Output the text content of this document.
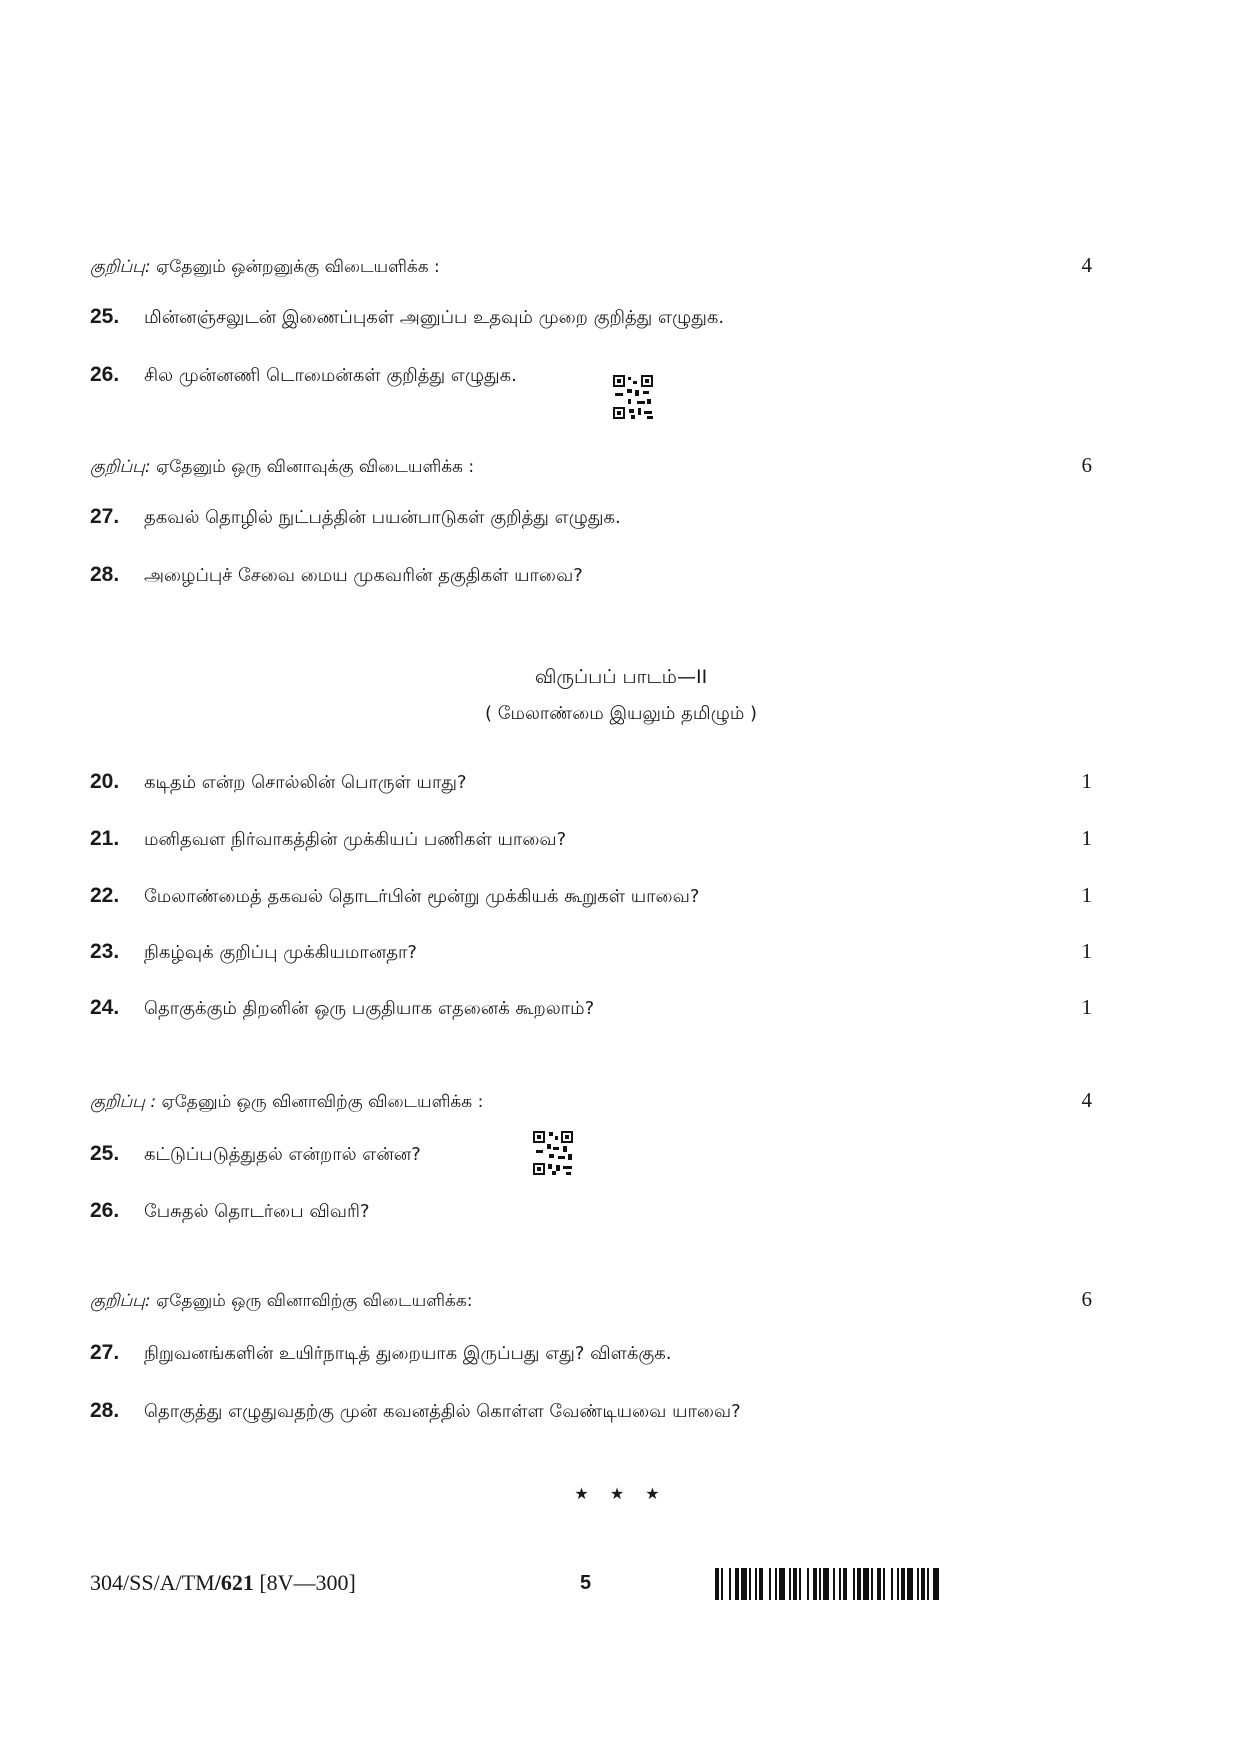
குறிப்பு: ஏதேனும் ஒன்றனுக்கு விடையளிக்க :	4
25.	மின்னஞ்சலுடன் இணைப்புகள் அனுப்ப உதவும் முறை குறித்து எழுதுக.
26.	சில முன்னணி டொமைன்கள் குறித்து எழுதுக.
குறிப்பு: ஏதேனும் ஒரு வினாவுக்கு விடையளிக்க :	6
27.	தகவல் தொழில் நுட்பத்தின் பயன்பாடுகள் குறித்து எழுதுக.
28.	அழைப்புச் சேவை மைய முகவரின் தகுதிகள் யாவை?
விருப்பப் பாடம்—II
( மேலாண்மை இயலும் தமிழும் )
20.	கடிதம் என்ற சொல்லின் பொருள் யாது?	1
21.	மனிதவள நிர்வாகத்தின் முக்கியப் பணிகள் யாவை?	1
22.	மேலாண்மைத் தகவல் தொடர்பின் மூன்று முக்கியக் கூறுகள் யாவை?	1
23.	நிகழ்வுக் குறிப்பு முக்கியமானதா?	1
24.	தொகுக்கும் திறனின் ஒரு பகுதியாக எதனைக் கூறலாம்?	1
குறிப்பு : ஏதேனும் ஒரு வினாவிற்கு விடையளிக்க :	4
25.	கட்டுப்படுத்துதல் என்றால் என்ன?
26.	பேசுதல் தொடர்பை விவரி?
குறிப்பு: ஏதேனும் ஒரு வினாவிற்கு விடையளிக்க:	6
27.	நிறுவனங்களின் உயிர்நாடித் துறையாக இருப்பது எது? விளக்குக.
28.	தொகுத்து எழுதுவதற்கு முன் கவனத்தில் கொள்ள வேண்டியவை யாவை?
★ ★ ★
304/SS/A/TM/621 [8V—300]	5
